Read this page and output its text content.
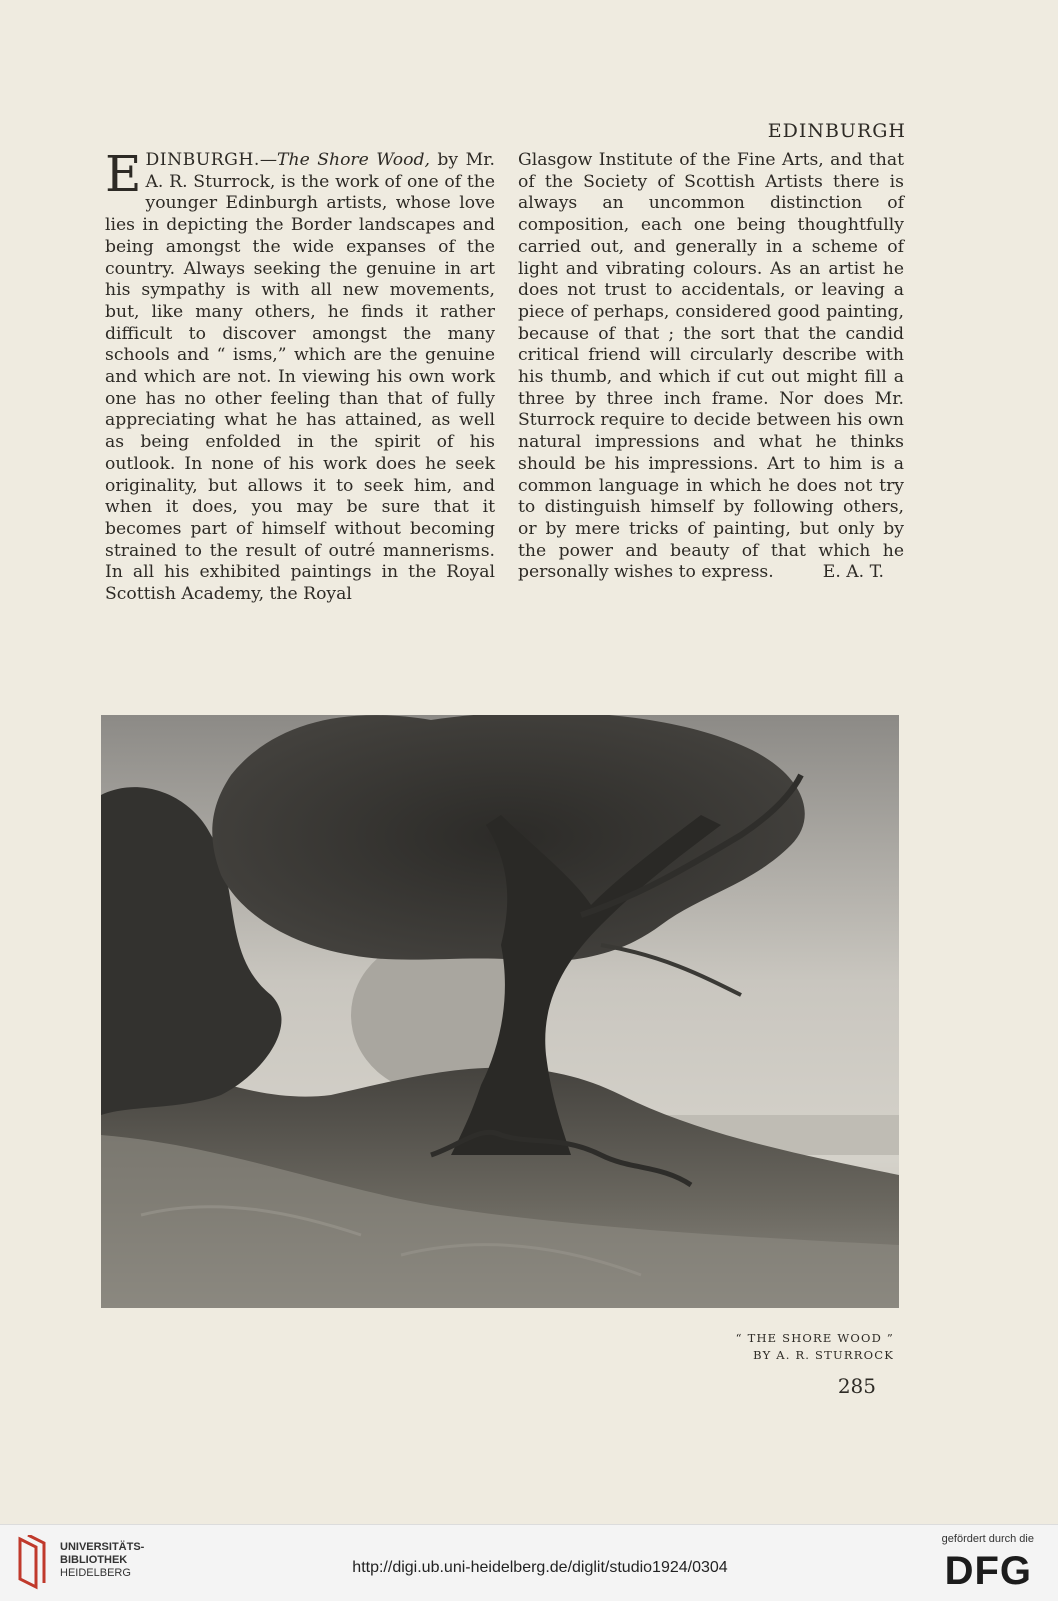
EDINBURGH

EDINBURGH.—The Shore Wood, by Mr. A. R. Sturrock, is the work of one of the younger Edinburgh artists, whose love lies in depicting the Border landscapes and being amongst the wide expanses of the country. Always seeking the genuine in art his sympathy is with all new movements, but, like many others, he finds it rather difficult to discover amongst the many schools and “ isms,” which are the genuine and which are not. In viewing his own work one has no other feeling than that of fully appreciating what he has attained, as well as being enfolded in the spirit of his outlook. In none of his work does he seek originality, but allows it to seek him, and when it does, you may be sure that it becomes part of himself without becoming strained to the result of outré mannerisms. In all his exhibited paintings in the Royal Scottish Academy, the Royal

Glasgow Institute of the Fine Arts, and that of the Society of Scottish Artists there is always an uncommon distinction of composition, each one being thoughtfully carried out, and generally in a scheme of light and vibrating colours. As an artist he does not trust to accidentals, or leaving a piece of perhaps, considered good painting, because of that ; the sort that the candid critical friend will circularly describe with his thumb, and which if cut out might fill a three by three inch frame. Nor does Mr. Sturrock require to decide between his own natural impressions and what he thinks should be his impressions. Art to him is a common language in which he does not try to distinguish himself by following others, or by mere tricks of painting, but only by the power and beauty of that which he personally wishes to express.	E. A. T.

“ THE SHORE WOOD ”
BY A. R. STURROCK
285
UNIVERSITÄTS-
BIBLIOTHEK
HEIDELBERG	http://digi.ub.uni-heidelberg.de/diglit/studio1924/0304
gefördert durch die
DFG
